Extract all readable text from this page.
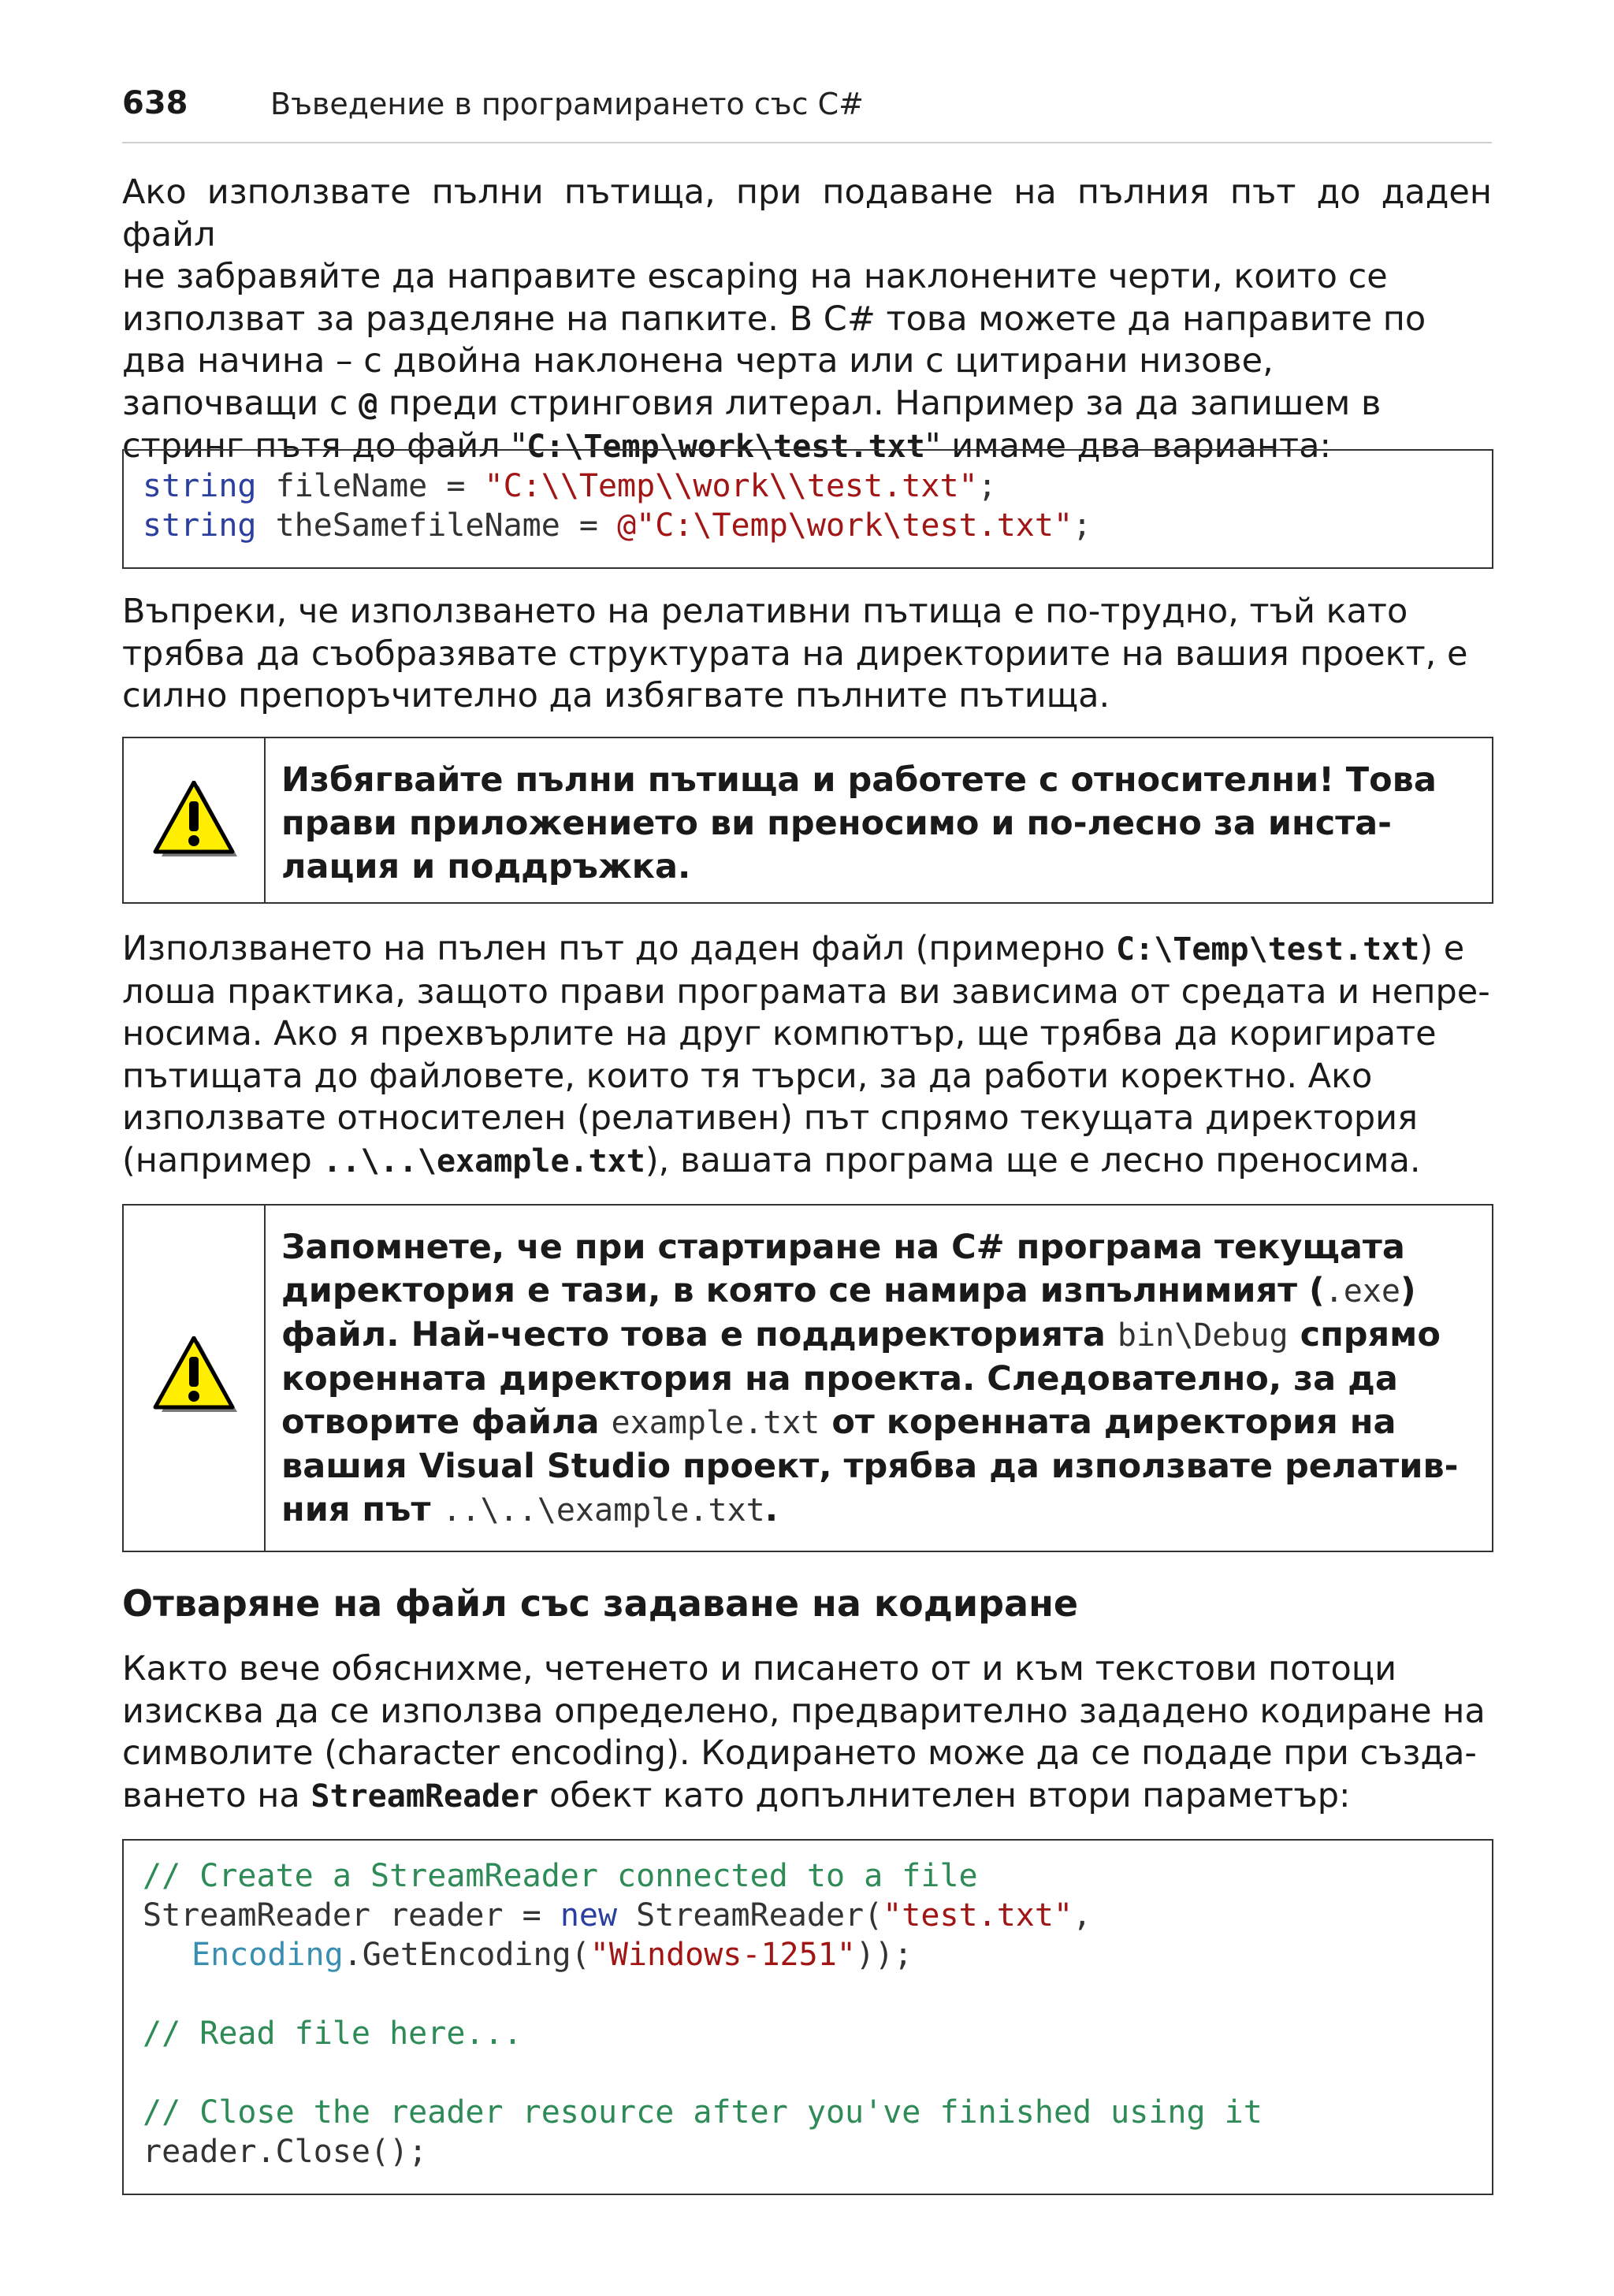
638	Въведение в програмирането със C#
Ако използвате пълни пътища, при подаване на пълния път до даден файл
не забравяйте да направите escaping на наклонените черти, които се
използват за разделяне на папките. В C# това можете да направите по
два начина – с двойна наклонена черта или с цитирани низове,
започващи с @ преди стринговия литерал. Например за да запишем в
стринг пътя до файл "C:\Temp\work\test.txt" имаме два варианта:
string fileName = "C:\\Temp\\work\\test.txt";
string theSamefileName = @"C:\Temp\work\test.txt";
Въпреки, че използването на релативни пътища е по-трудно, тъй като
трябва да съобразявате структурата на директориите на вашия проект, е
силно препоръчително да избягвате пълните пътища.
Избягвайте пълни пътища и работете с относителни! Това
прави приложението ви преносимо и по-лесно за инста-
лация и поддръжка.
Използването на пълен път до даден файл (примерно C:\Temp\test.txt) е
лоша практика, защото прави програмата ви зависима от средата и непре-
носима. Ако я прехвърлите на друг компютър, ще трябва да коригирате
пътищата до файловете, които тя търси, за да работи коректно. Ако
използвате относителен (релативен) път спрямо текущата директория
(например ..\..\example.txt), вашата програма ще е лесно преносима.
Запомнете, че при стартиране на C# програма текущата
директория е тази, в която се намира изпълнимият (.exe)
файл. Най-често това е поддиректорията bin\Debug спрямо
коренната директория на проекта. Следователно, за да
отворите файла example.txt от коренната директория на
вашия Visual Studio проект, трябва да използвате релатив-
ния път ..\..\example.txt.
Отваряне на файл със задаване на кодиране
Както вече обяснихме, четенето и писането от и към текстови потоци
изисква да се използва определено, предварително зададено кодиране на
символите (character encoding). Кодирането може да се подаде при създа-
ването на StreamReader обект като допълнителен втори параметър:
// Create a StreamReader connected to a file
StreamReader reader = new StreamReader("test.txt",
Encoding.GetEncoding("Windows-1251"));
// Read file here...
// Close the reader resource after you've finished using it
reader.Close();
